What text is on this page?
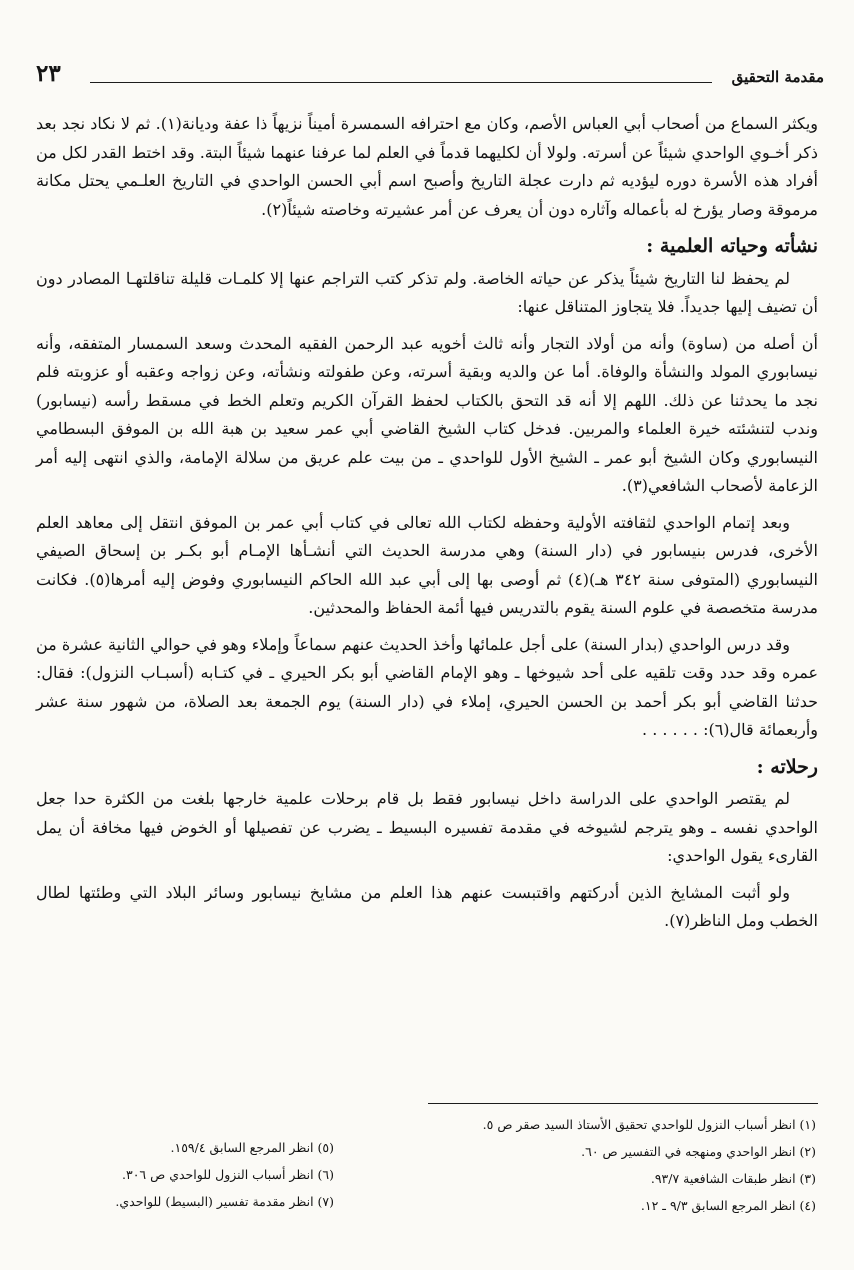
٢٣	مقدمة التحقيق

ويكثر السماع من أصحاب أبي العباس الأصم، وكان مع احترافه السمسرة أميناً نزيهاً ذا عفة وديانة(١). ثم لا نكاد نجد بعد ذكر أخـوي الواحدي شيئاً عن أسرته. ولولا أن لكليهما قدماً في العلم لما عرفنا عنهما شيئاً البتة. وقد اختط القدر لكل من أفراد هذه الأسرة دوره ليؤديه ثم دارت عجلة التاريخ وأصبح اسم أبي الحسن الواحدي في التاريخ العلـمي يحتل مكانة مرموقة وصار يؤرخ له بأعماله وآثاره دون أن يعرف عن أمر عشيرته وخاصته شيئاً(٢).

نشأته وحياته العلمية :

لم يحفظ لنا التاريخ شيئاً يذكر عن حياته الخاصة. ولم تذكر كتب التراجم عنها إلا كلمـات قليلة تناقلتهـا المصادر دون أن تضيف إليها جديداً. فلا يتجاوز المتناقل عنها:

أن أصله من (ساوة) وأنه من أولاد التجار وأنه ثالث أخويه عبد الرحمن الفقيه المحدث وسعد السمسار المتفقه، وأنه نيسابوري المولد والنشأة والوفاة. أما عن والديه وبقية أسرته، وعن طفولته ونشأته، وعن زواجه وعقبه أو عزوبته فلم نجد ما يحدثنا عن ذلك. اللهم إلا أنه قد التحق بالكتاب لحفظ القرآن الكريم وتعلم الخط في مسقط رأسه (نيسابور) وندب لتنشئته خيرة العلماء والمربين. فدخل كتاب الشيخ القاضي أبي عمر سعيد بن هبة الله بن الموفق البسطامي النيسابوري وكان الشيخ أبو عمر ـ الشيخ الأول للواحدي ـ من بيت علم عريق من سلالة الإمامة، والذي انتهى إليه أمر الزعامة لأصحاب الشافعي(٣).

وبعد إتمام الواحدي لثقافته الأولية وحفظه لكتاب الله تعالى في كتاب أبي عمر بن الموفق انتقل إلى معاهد العلم الأخرى، فدرس بنيسابور في (دار السنة) وهي مدرسة الحديث التي أنشـأها الإمـام أبو بكـر بن إسحاق الصيفي النيسابوري (المتوفى سنة ٣٤٢ هـ)(٤) ثم أوصى بها إلى أبي عبد الله الحاكم النيسابوري وفوض إليه أمرها(٥). فكانت مدرسة متخصصة في علوم السنة يقوم بالتدريس فيها أئمة الحفاظ والمحدثين.

وقد درس الواحدي (بدار السنة) على أجل علمائها وأخذ الحديث عنهم سماعاً وإملاء وهو في حوالي الثانية عشرة من عمره وقد حدد وقت تلقيه على أحد شيوخها ـ وهو الإمام القاضي أبو بكر الحيري ـ في كتـابه (أسبـاب النزول): فقال: حدثنا القاضي أبو بكر أحمد بن الحسن الحيري، إملاء في (دار السنة) يوم الجمعة بعد الصلاة، من شهور سنة عشر وأربعمائة قال(٦): . . . . . .

رحلاته :

لم يقتصر الواحدي على الدراسة داخل نيسابور فقط بل قام برحلات علمية خارجها بلغت من الكثرة حدا جعل الواحدي نفسه ـ وهو يترجم لشيوخه في مقدمة تفسيره البسيط ـ يضرب عن تفصيلها أو الخوض فيها مخافة أن يمل القارىء يقول الواحدي:

ولو أثبت المشايخ الذين أدركتهم واقتبست عنهم هذا العلم من مشايخ نيسابور وسائر البلاد التي وطئتها لطال الخطب ومل الناظر(٧).

(١) انظر أسباب النزول للواحدي تحقيق الأستاذ السيد صقر ص ٥.
(٢) انظر الواحدي ومنهجه في التفسير ص ٦٠.
(٣) انظر طبقات الشافعية ٩٣/٧.
(٤) انظر المرجع السابق ٩/٣ ـ ١٢.
(٥) انظر المرجع السابق ١٥٩/٤.
(٦) انظر أسباب النزول للواحدي ص ٣٠٦.
(٧) انظر مقدمة تفسير (البسيط) للواحدي.
